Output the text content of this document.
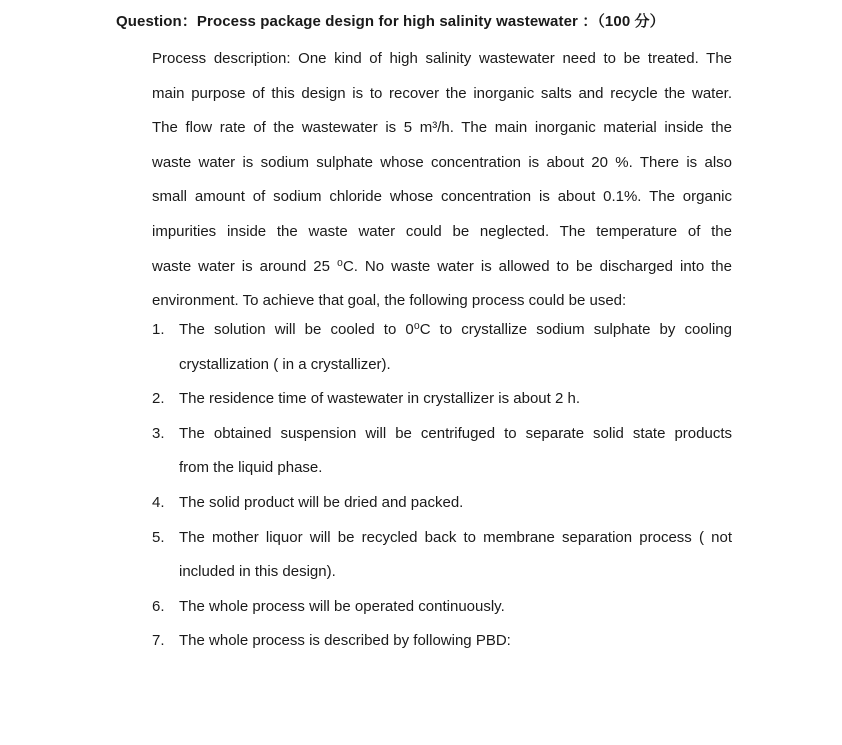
Question：Process package design for high salinity wastewater ：（100 分）
Process description: One kind of high salinity wastewater need to be treated. The
main purpose of this design is to recover the inorganic salts and recycle the water.
The flow rate of the wastewater is 5 m³/h. The main inorganic material inside the
waste water is sodium sulphate whose concentration is about 20 %. There is also
small amount of sodium chloride whose concentration is about 0.1%. The organic
impurities inside the waste water could be neglected. The temperature of the
waste water is around 25 ⁰C. No waste water is allowed to be discharged into the
environment. To achieve that goal, the following process could be used:
1. The solution will be cooled to 0⁰C to crystallize sodium sulphate by cooling
crystallization ( in a crystallizer).
2. The residence time of wastewater in crystallizer is about 2 h.
3. The obtained suspension will be centrifuged to separate solid state products
from the liquid phase.
4. The solid product will be dried and packed.
5. The mother liquor will be recycled back to membrane separation process ( not
included in this design).
6. The whole process will be operated continuously.
7. The whole process is described by following PBD:
